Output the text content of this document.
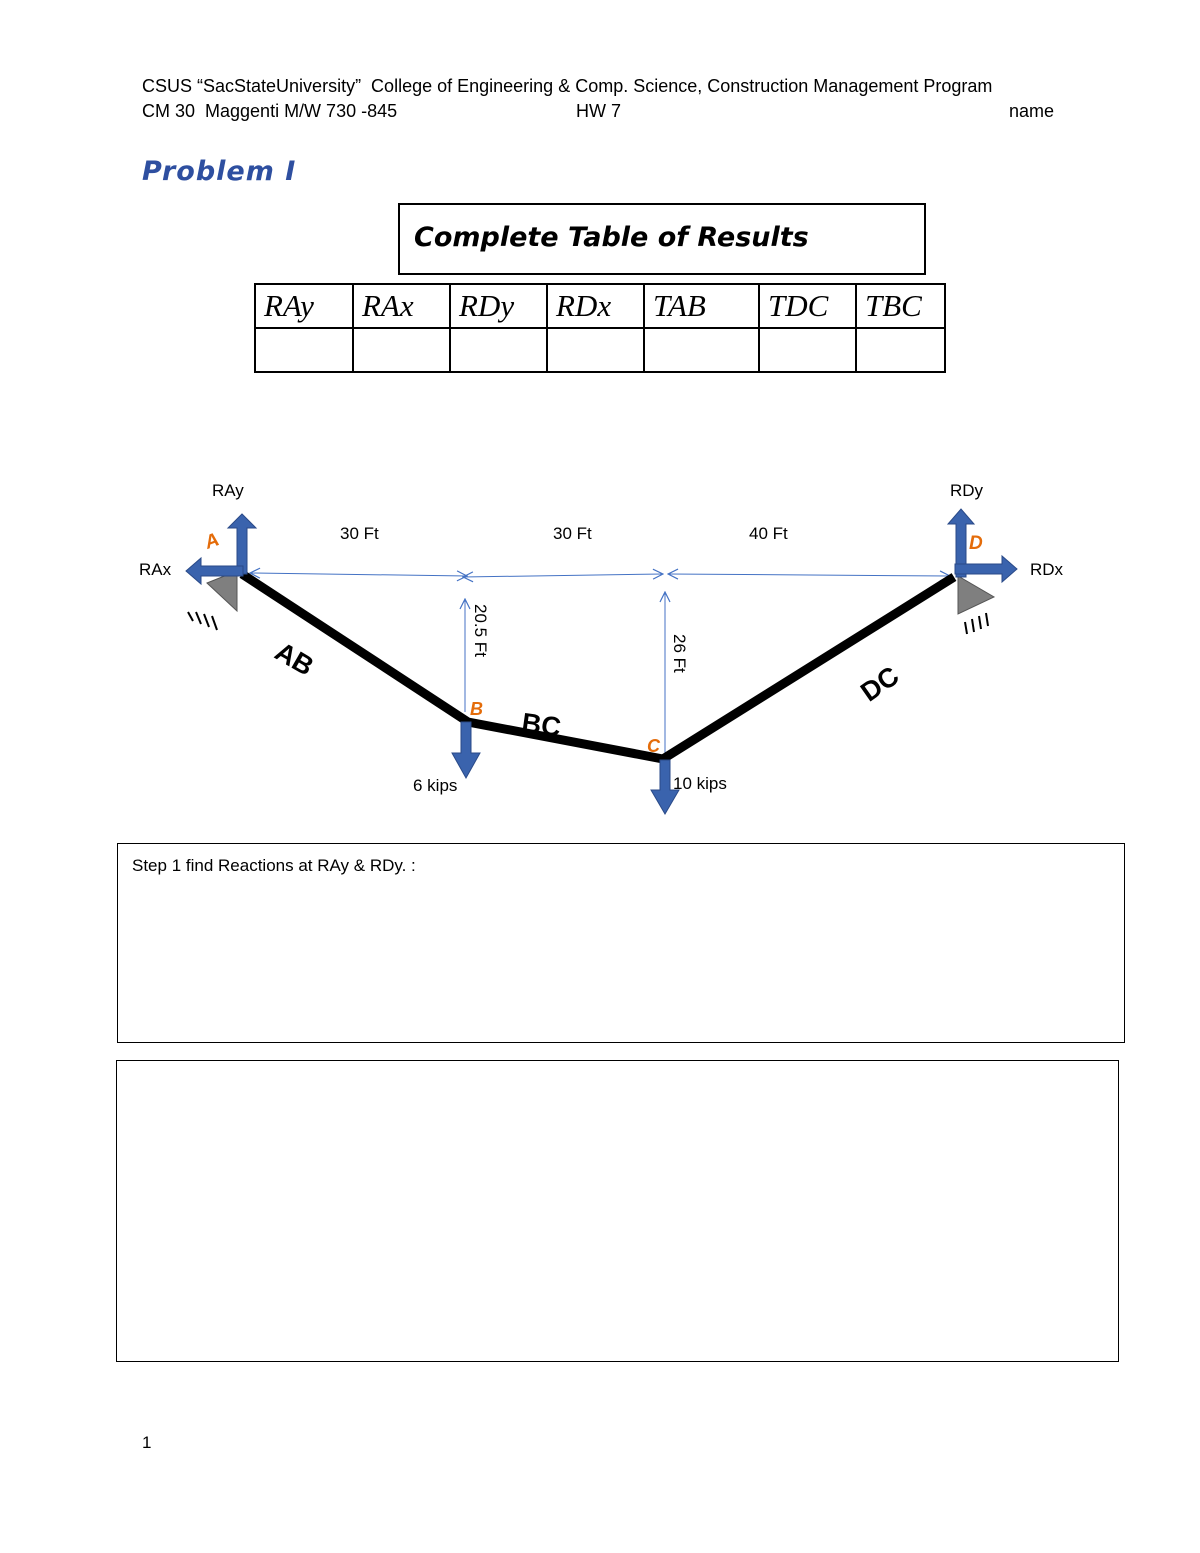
CSUS “SacStateUniversity”  College of Engineering & Comp. Science, Construction Management Program
CM 30  Maggenti M/W 730 -845	HW 7	name
Problem I
Complete Table of Results
RAy	RAx	RDy	RDx	TAB	TDC	TBC

RAy
RAx
RDy
RDx
A
B
C
D
AB
BC
DC
30 Ft	30 Ft	40 Ft
20.5 Ft	26 Ft
6 kips	10 kips
Step 1 find Reactions at RAy & RDy. :
1
